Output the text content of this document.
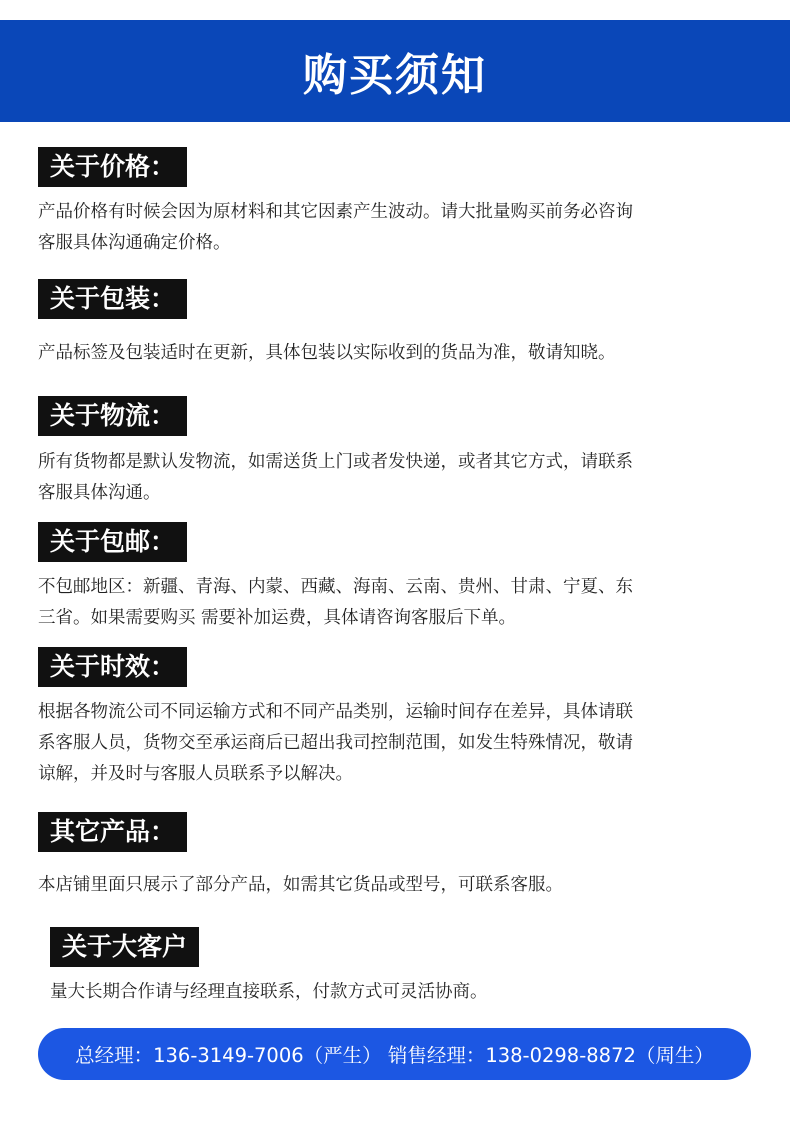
购买须知
关于价格：
产品价格有时候会因为原材料和其它因素产生波动。请大批量购买前务必咨询
客服具体沟通确定价格。
关于包装：
产品标签及包装适时在更新，具体包装以实际收到的货品为准，敬请知晓。
关于物流：
所有货物都是默认发物流，如需送货上门或者发快递，或者其它方式，请联系
客服具体沟通。
关于包邮：
不包邮地区：新疆、青海、内蒙、西藏、海南、云南、贵州、甘肃、宁夏、东
三省。如果需要购买 需要补加运费，具体请咨询客服后下单。
关于时效：
根据各物流公司不同运输方式和不同产品类别，运输时间存在差异，具体请联
系客服人员，货物交至承运商后已超出我司控制范围，如发生特殊情况，敬请
谅解，并及时与客服人员联系予以解决。
其它产品：
本店铺里面只展示了部分产品，如需其它货品或型号，可联系客服。
关于大客户
量大长期合作请与经理直接联系，付款方式可灵活协商。
总经理：136-3149-7006（严生） 销售经理：138-0298-8872（周生）
